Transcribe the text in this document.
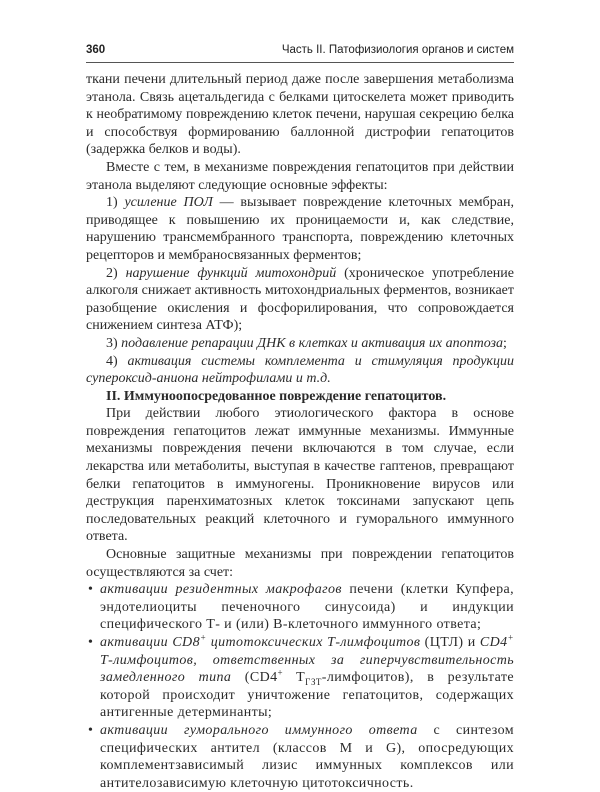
360	Часть II. Патофизиология органов и систем

ткани печени длительный период даже после завершения метаболизма этанола. Связь ацетальдегида с белками цитоскелета может приводить к необратимому повреждению клеток печени, нарушая секрецию белка и способствуя формированию баллонной дистрофии гепатоцитов (задержка белков и воды).

Вместе с тем, в механизме повреждения гепатоцитов при действии этанола выделяют следующие основные эффекты:

1) усиление ПОЛ — вызывает повреждение клеточных мембран, приводящее к повышению их проницаемости и, как следствие, нарушению трансмембранного транспорта, повреждению клеточных рецепторов и мембраносвязанных ферментов;

2) нарушение функций митохондрий (хроническое употребление алкоголя снижает активность митохондриальных ферментов, возникает разобщение окисления и фосфорилирования, что сопровождается снижением синтеза АТФ);

3) подавление репарации ДНК в клетках и активация их апоптоза;

4) активация системы комплемента и стимуляция продукции супероксид-аниона нейтрофилами и т.д.

II. Иммуноопосредованное повреждение гепатоцитов.

При действии любого этиологического фактора в основе повреждения гепатоцитов лежат иммунные механизмы. Иммунные механизмы повреждения печени включаются в том случае, если лекарства или метаболиты, выступая в качестве гаптенов, превращают белки гепатоцитов в иммуногены. Проникновение вирусов или деструкция паренхиматозных клеток токсинами запускают цепь последовательных реакций клеточного и гуморального иммунного ответа.

Основные защитные механизмы при повреждении гепатоцитов осуществляются за счет:

• активации резидентных макрофагов печени (клетки Купфера, эндотелиоциты печеночного синусоида) и индукции специфического Т- и (или) В-клеточного иммунного ответа;

• активации CD8+ цитотоксических Т-лимфоцитов (ЦТЛ) и CD4+ Т-лимфоцитов, ответственных за гиперчувствительность замедленного типа (CD4+ $T_{ГЗТ}-лимфоцитов$), в результате которой происходит уничтожение гепатоцитов, содержащих антигенные детерминанты;

• активации гуморального иммунного ответа с синтезом специфических антител (классов М и G), опосредующих комплементзависимый лизис иммунных комплексов или антителозависимую клеточную цитотоксичность.
